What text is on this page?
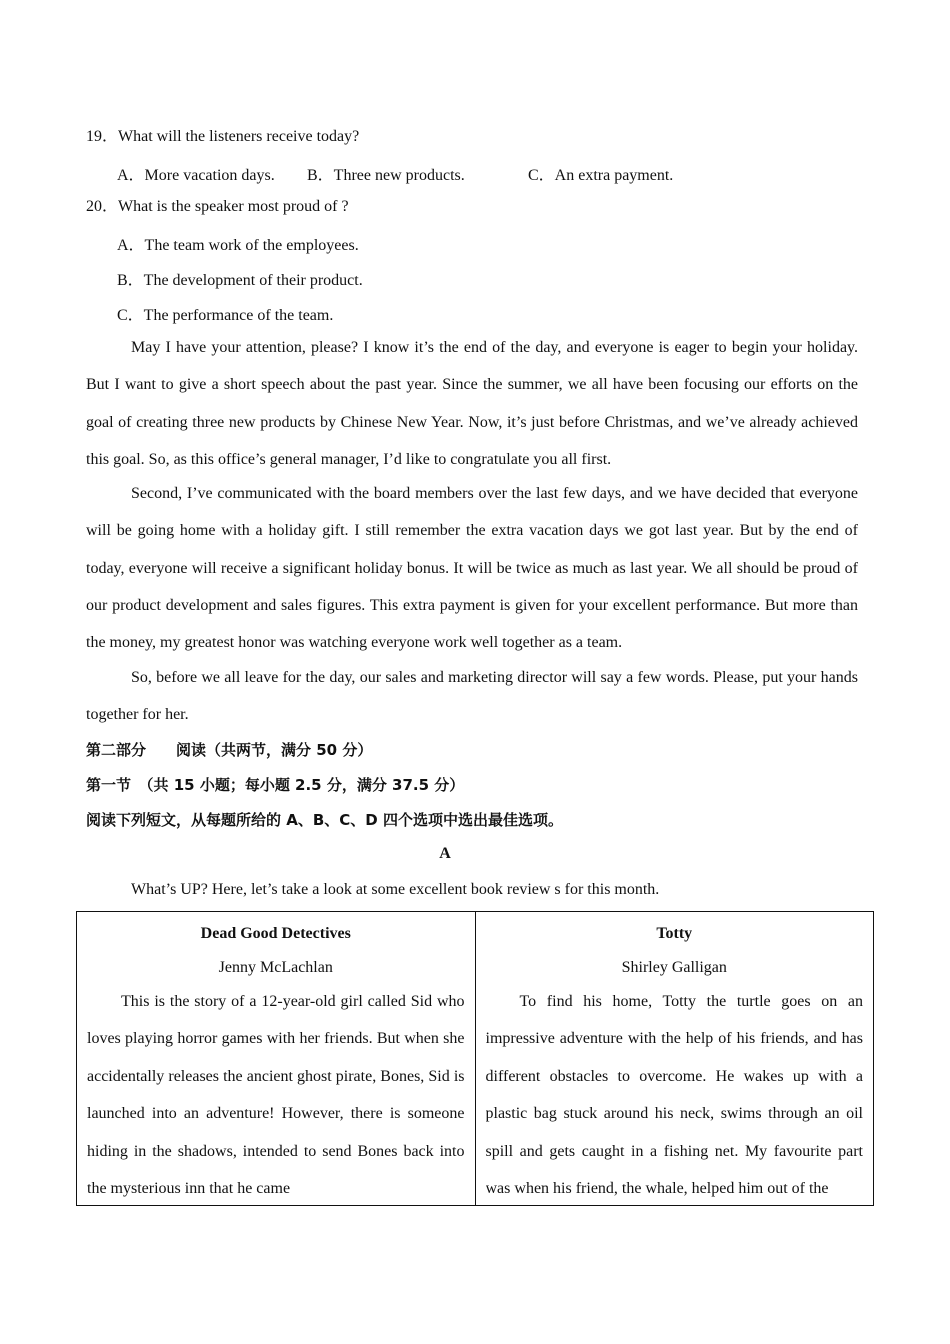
19．What will the listeners receive today?
A．More vacation days. B．Three new products.	C．An extra payment.
20．What is the speaker most proud of ?
A．The team work of the employees.
B．The development of their product.
C．The performance of the team.

May I have your attention, please? I know it’s the end of the day, and everyone is eager to begin your holiday. But I want to give a short speech about the past year. Since the summer, we all have been focusing our efforts on the goal of creating three new products by Chinese New Year. Now, it’s just before Christmas, and we’ve already achieved this goal. So, as this office’s general manager, I’d like to congratulate you all first.

Second, I’ve communicated with the board members over the last few days, and we have decided that everyone will be going home with a holiday gift. I still remember the extra vacation days we got last year. But by the end of today, everyone will receive a significant holiday bonus. It will be twice as much as last year. We all should be proud of our product development and sales figures. This extra payment is given for your excellent performance. But more than the money, my greatest honor was watching everyone work well together as a team.

So, before we all leave for the day, our sales and marketing director will say a few words. Please, put your hands together for her.

第二部分　　阅读（共两节，满分 50 分）
第一节　（共 15 小题；每小题 2.5 分，满分 37.5 分）
阅读下列短文，从每题所给的 A、B、C、D 四个选项中选出最佳选项。
A
What’s UP? Here, let’s take a look at some excellent book review s for this month.
Dead Good Detectives
Jenny McLachlan

This is the story of a 12-year-old girl called Sid who loves playing horror games with her friends. But when she accidentally releases the ancient ghost pirate, Bones, Sid is launched into an adventure! However, there is someone hiding in the shadows, intended to send Bones back into the mysterious inn that he came

Totty
Shirley Galligan

To find his home, Totty the turtle goes on an impressive adventure with the help of his friends, and has different obstacles to overcome. He wakes up with a plastic bag stuck around his neck, swims through an oil spill and gets caught in a fishing net. My favourite part was when his friend, the whale, helped him out of the
